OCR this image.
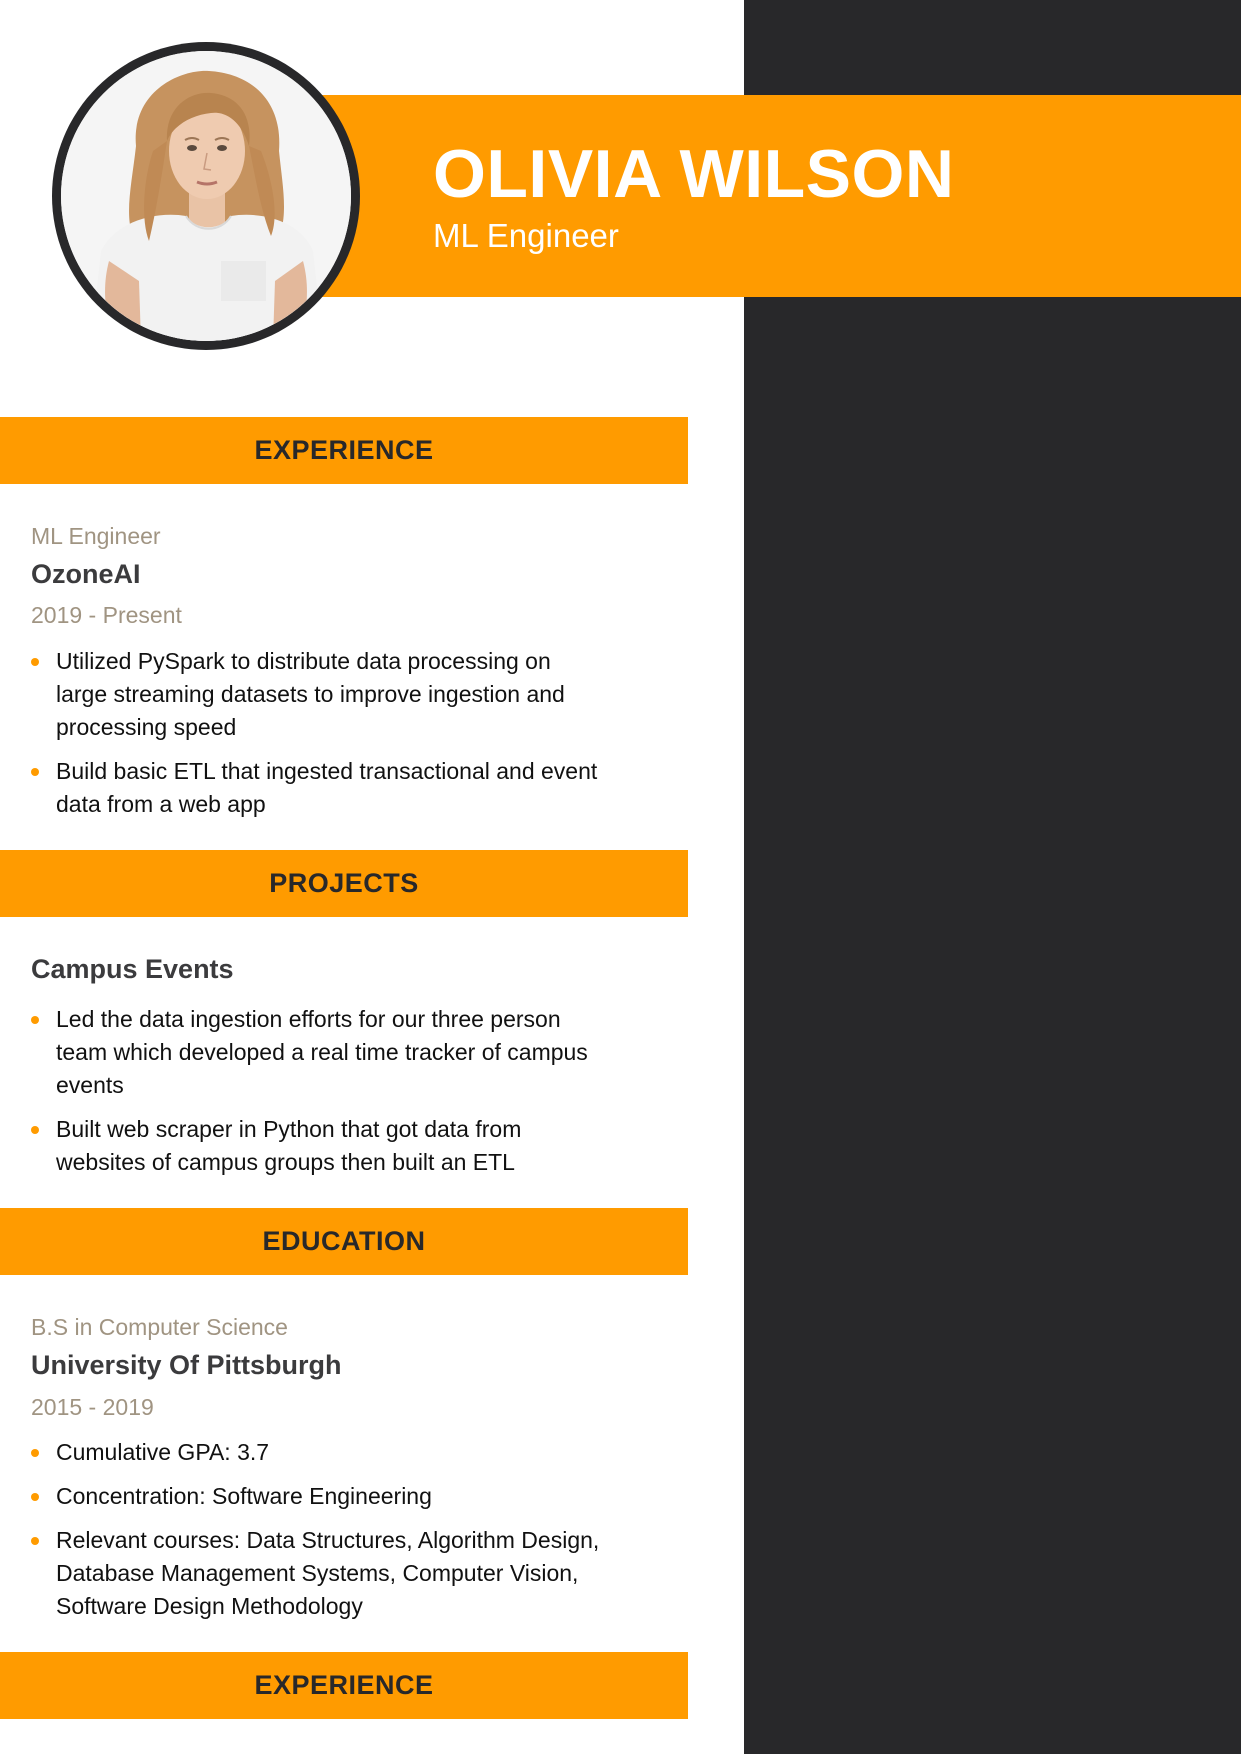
OLIVIA WILSON
ML Engineer
EXPERIENCE
ML Engineer
OzoneAI
2019 - Present
Utilized PySpark to distribute data processing on large streaming datasets to improve ingestion and processing speed
Build basic ETL that ingested transactional and event data from a web app
PROJECTS
Campus Events
Led the data ingestion efforts for our three person team which developed a real time tracker of campus events
Built web scraper in Python that got data from websites of campus groups then built an ETL
EDUCATION
B.S in Computer Science
University Of Pittsburgh
2015 - 2019
Cumulative GPA: 3.7
Concentration: Software Engineering
Relevant courses: Data Structures, Algorithm Design, Database Management Systems, Computer Vision, Software Design Methodology
EXPERIENCE
